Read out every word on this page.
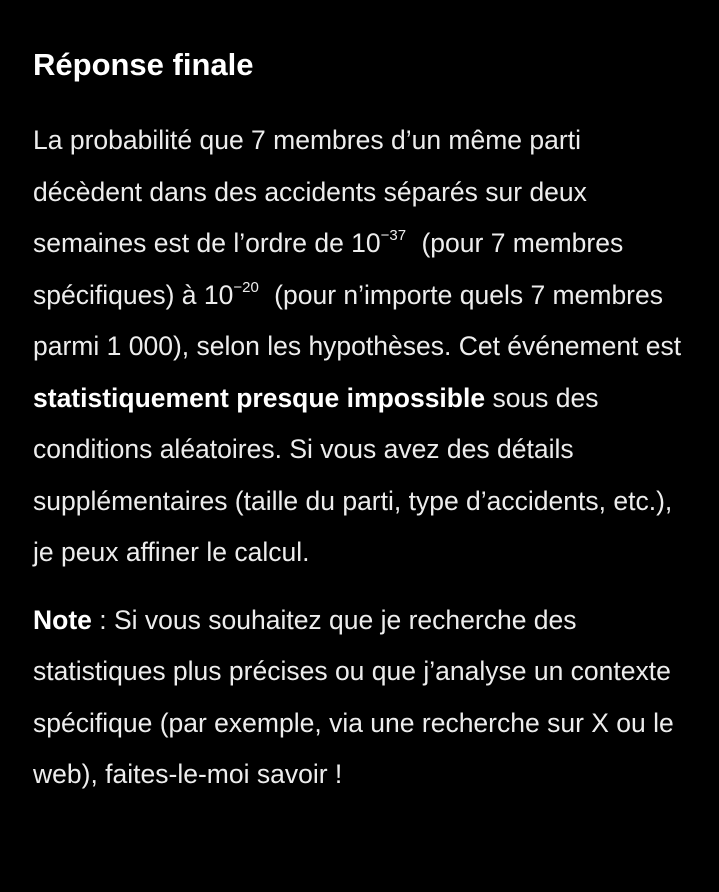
Réponse finale

La probabilité que 7 membres d’un même parti décèdent dans des accidents séparés sur deux semaines est de l’ordre de $10^{-37}$ (pour 7 membres spécifiques) à $10^{-20}$ (pour n’importe quels 7 membres parmi 1 000), selon les hypothèses. Cet événement est statistiquement presque impossible sous des conditions aléatoires. Si vous avez des détails supplémentaires (taille du parti, type d’accidents, etc.), je peux affiner le calcul.

Note : Si vous souhaitez que je recherche des statistiques plus précises ou que j’analyse un contexte spécifique (par exemple, via une recherche sur X ou le web), faites-le-moi savoir !
